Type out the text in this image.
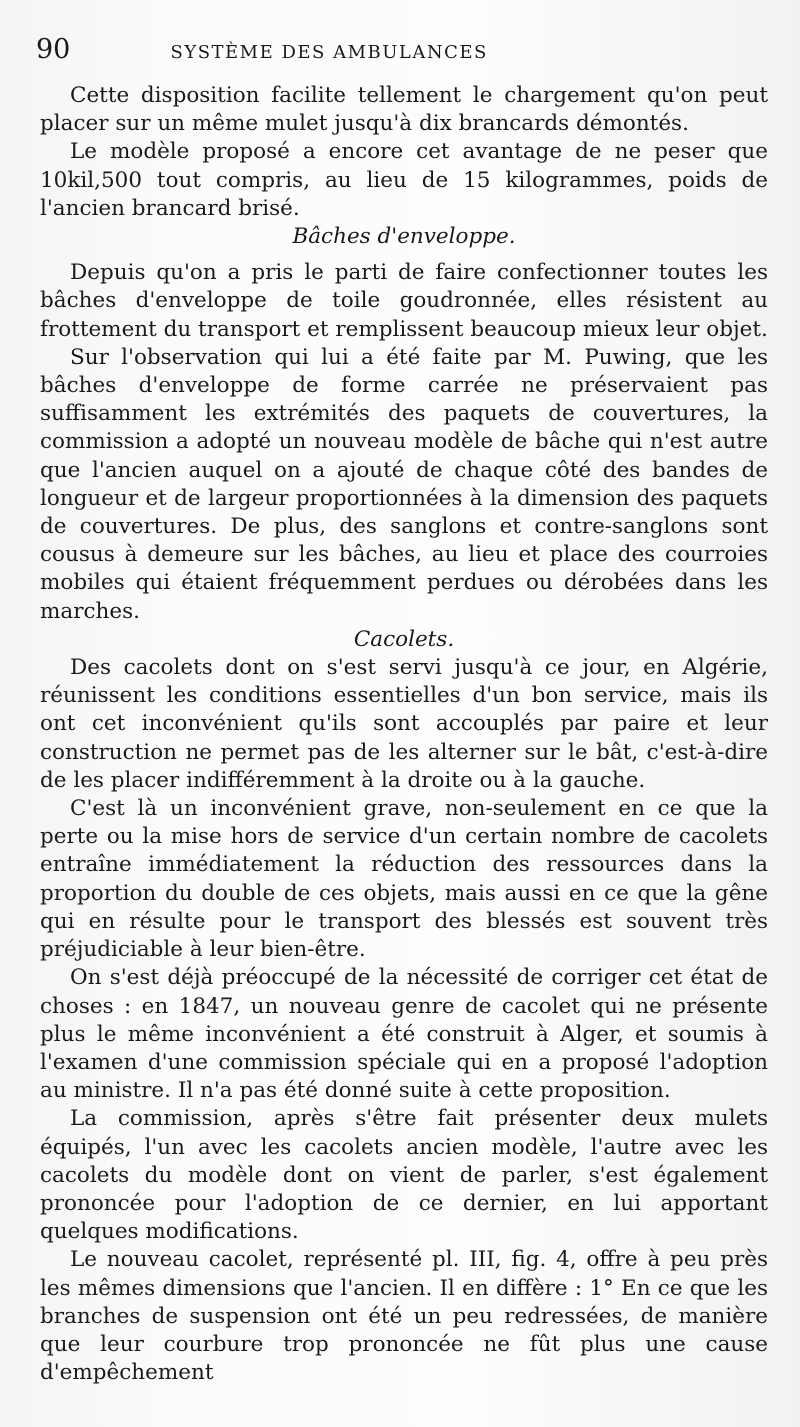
90	SYSTÈME DES AMBULANCES

Cette disposition facilite tellement le chargement qu'on peut placer sur un même mulet jusqu'à dix brancards démontés.

Le modèle proposé a encore cet avantage de ne peser que 10kil,500 tout compris, au lieu de 15 kilogrammes, poids de l'ancien brancard brisé.

Bâches d'enveloppe.

Depuis qu'on a pris le parti de faire confectionner toutes les bâches d'enveloppe de toile goudronnée, elles résistent au frottement du transport et remplissent beaucoup mieux leur objet.

Sur l'observation qui lui a été faite par M. Puwing, que les bâches d'enveloppe de forme carrée ne préservaient pas suffisamment les extrémités des paquets de couvertures, la commission a adopté un nouveau modèle de bâche qui n'est autre que l'ancien auquel on a ajouté de chaque côté des bandes de longueur et de largeur proportionnées à la dimension des paquets de couvertures. De plus, des sanglons et contre-sanglons sont cousus à demeure sur les bâches, au lieu et place des courroies mobiles qui étaient fréquemment perdues ou dérobées dans les marches.

Cacolets.

Des cacolets dont on s'est servi jusqu'à ce jour, en Algérie, réunissent les conditions essentielles d'un bon service, mais ils ont cet inconvénient qu'ils sont accouplés par paire et leur construction ne permet pas de les alterner sur le bât, c'est-à-dire de les placer indifféremment à la droite ou à la gauche.

C'est là un inconvénient grave, non-seulement en ce que la perte ou la mise hors de service d'un certain nombre de cacolets entraîne immédiatement la réduction des ressources dans la proportion du double de ces objets, mais aussi en ce que la gêne qui en résulte pour le transport des blessés est souvent très préjudiciable à leur bien-être.

On s'est déjà préoccupé de la nécessité de corriger cet état de choses : en 1847, un nouveau genre de cacolet qui ne présente plus le même inconvénient a été construit à Alger, et soumis à l'examen d'une commission spéciale qui en a proposé l'adoption au ministre. Il n'a pas été donné suite à cette proposition.

La commission, après s'être fait présenter deux mulets équipés, l'un avec les cacolets ancien modèle, l'autre avec les cacolets du modèle dont on vient de parler, s'est également prononcée pour l'adoption de ce dernier, en lui apportant quelques modifications.

Le nouveau cacolet, représenté pl. III, fig. 4, offre à peu près les mêmes dimensions que l'ancien. Il en diffère : 1° En ce que les branches de suspension ont été un peu redressées, de manière que leur courbure trop prononcée ne fût plus une cause d'empêchement
